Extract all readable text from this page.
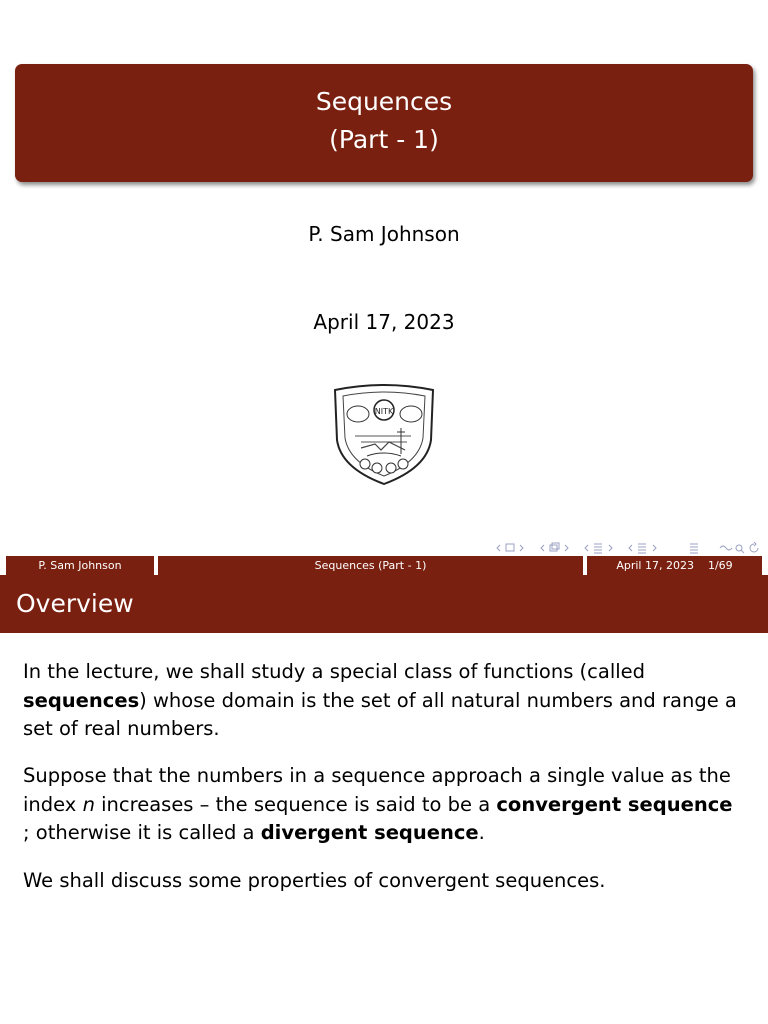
Sequences
(Part - 1)
P. Sam Johnson
April 17, 2023
NITK
P. Sam Johnson	Sequences (Part - 1)	April 17, 2023 1/69
Overview
In the lecture, we shall study a special class of functions (called
sequences) whose domain is the set of all natural numbers and range a set of real numbers.
Suppose that the numbers in a sequence approach a single value as the index n increases – the sequence is said to be a convergent sequence ; otherwise it is called a divergent sequence.
We shall discuss some properties of convergent sequences.
